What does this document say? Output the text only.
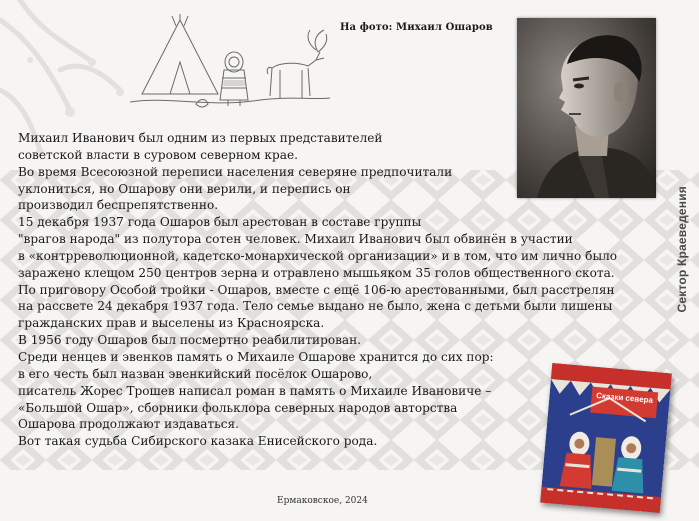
На фото: Михаил Ошаров
Сектор Краеведения
Михаил Иванович был одним из первых представителей
советской власти в суровом северном крае.
Во время Всесоюзной переписи населения северяне предпочитали
уклониться, но Ошарову они верили, и перепись он
производил беспрепятственно.
15 декабря 1937 года Ошаров был арестован в составе группы
"врагов народа" из полутора сотен человек. Михаил Иванович был обвинён в участии
в «контрреволюционной, кадетско-монархической организации» и в том, что им лично было
заражено клещом 250 центров зерна и отравлено мышьяком 35 голов общественного скота.
По приговору Особой тройки - Ошаров, вместе с ещё 106-ю арестованными, был расстрелян
на рассвете 24 декабря 1937 года. Тело семье выдано не было, жена с детьми были лишены
гражданских прав и выселены из Красноярска.
В 1956 году Ошаров был посмертно реабилитирован.
Среди ненцев и эвенков память о Михаиле Ошарове хранится до сих пор:
в его честь был назван эвенкийский посёлок Ошарово,
писатель Жорес Трошев написал роман в память о Михаиле Ивановиче –
«Большой Ошар», сборники фольклора северных народов авторства
Ошарова продолжают издаваться.
Вот такая судьба Сибирского казака Енисейского рода.
Сказки севера
Ермаковское, 2024
